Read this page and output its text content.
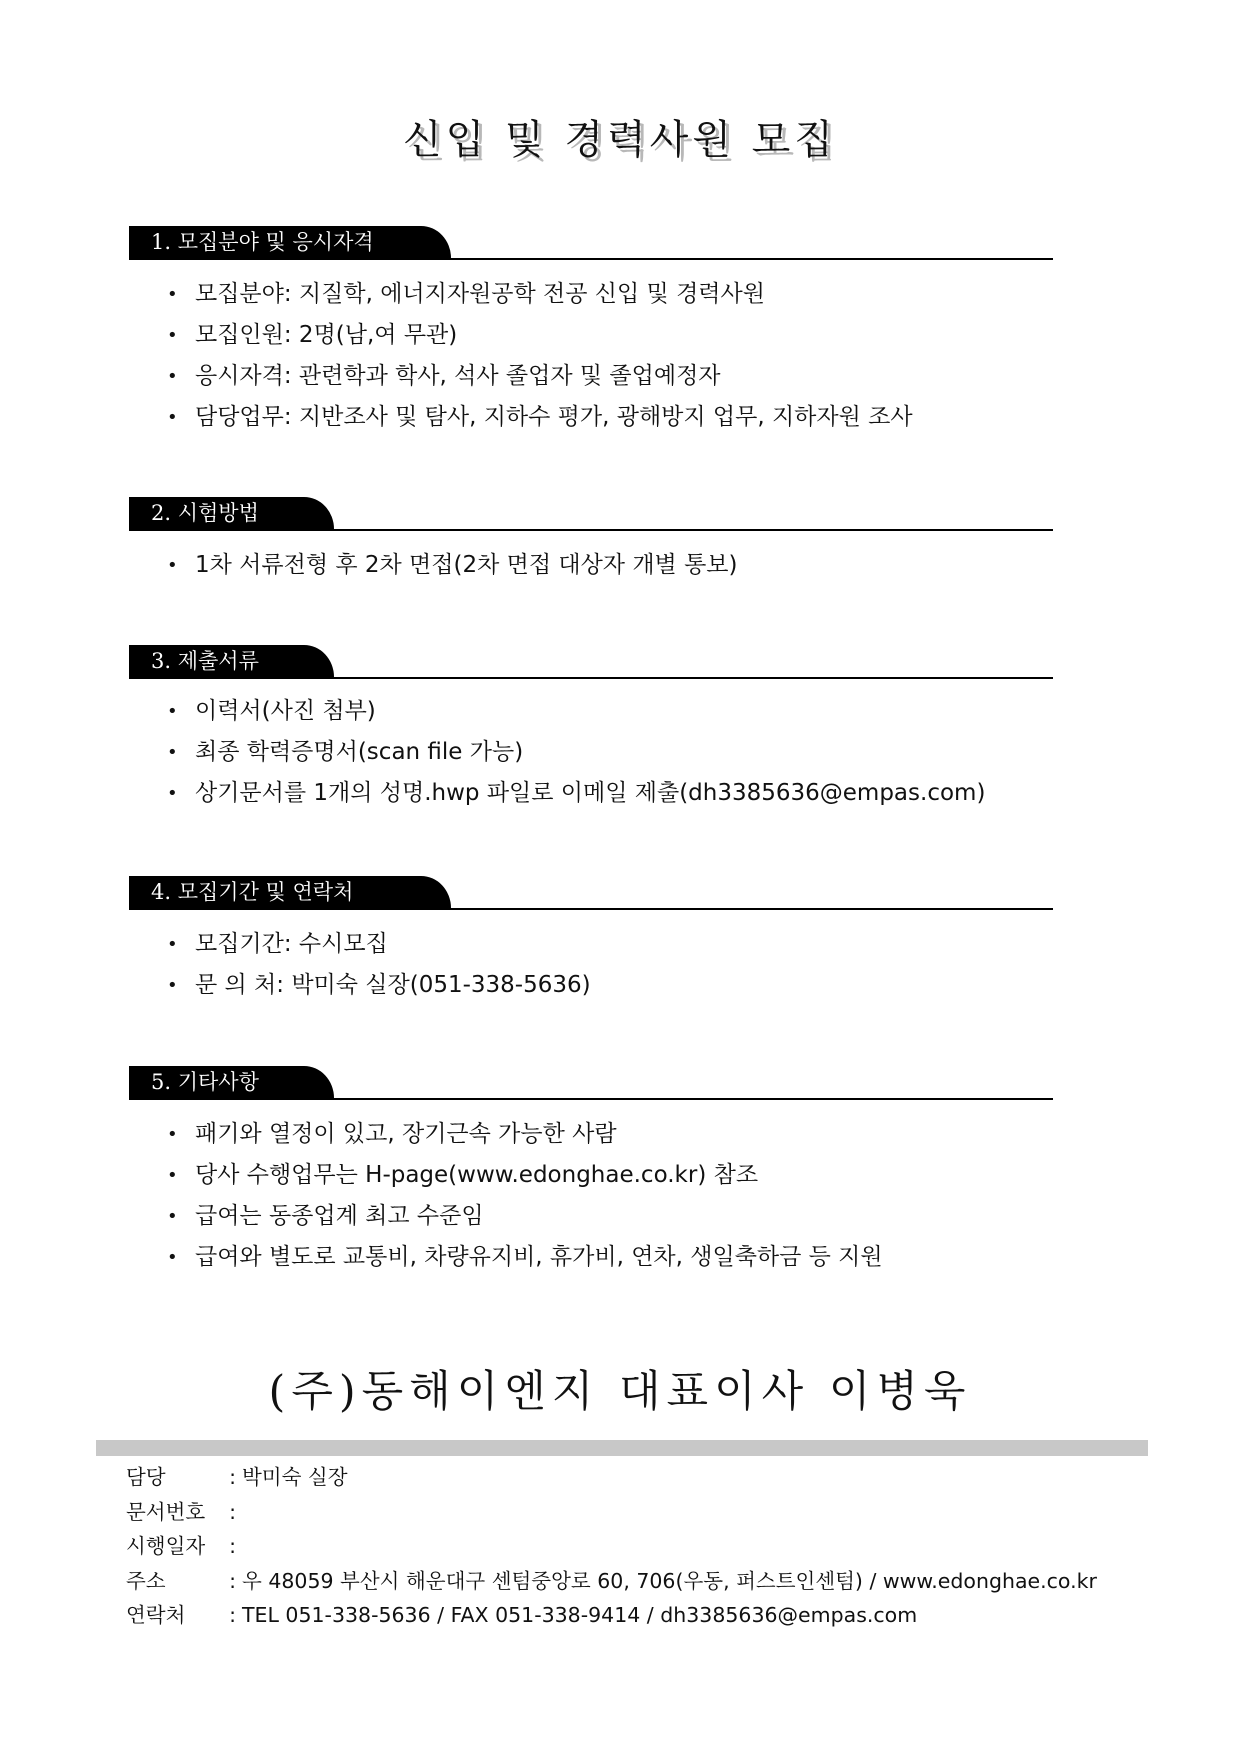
신입 및 경력사원 모집
1. 모집분야 및 응시자격
• 모집분야: 지질학, 에너지자원공학 전공 신입 및 경력사원
• 모집인원: 2명(남,여 무관)
• 응시자격: 관련학과 학사, 석사 졸업자 및 졸업예정자
• 담당업무: 지반조사 및 탐사, 지하수 평가, 광해방지 업무, 지하자원 조사
2. 시험방법
• 1차 서류전형 후 2차 면접(2차 면접 대상자 개별 통보)
3. 제출서류
• 이력서(사진 첨부)
• 최종 학력증명서(scan file 가능)
• 상기문서를 1개의 성명.hwp 파일로 이메일 제출(dh3385636@empas.com)
4. 모집기간 및 연락처
• 모집기간: 수시모집
• 문 의 처: 박미숙 실장(051-338-5636)
5. 기타사항
• 패기와 열정이 있고, 장기근속 가능한 사람
• 당사 수행업무는 H-page(www.edonghae.co.kr) 참조
• 급여는 동종업계 최고 수준임
• 급여와 별도로 교통비, 차량유지비, 휴가비, 연차, 생일축하금 등 지원
(주)동해이엔지 대표이사 이병욱
담당	: 박미숙 실장
문서번호	:
시행일자	:
주소	: 우 48059 부산시 해운대구 센텀중앙로 60, 706(우동, 퍼스트인센텀) / www.edonghae.co.kr
연락처	: TEL 051-338-5636 / FAX 051-338-9414 / dh3385636@empas.com
